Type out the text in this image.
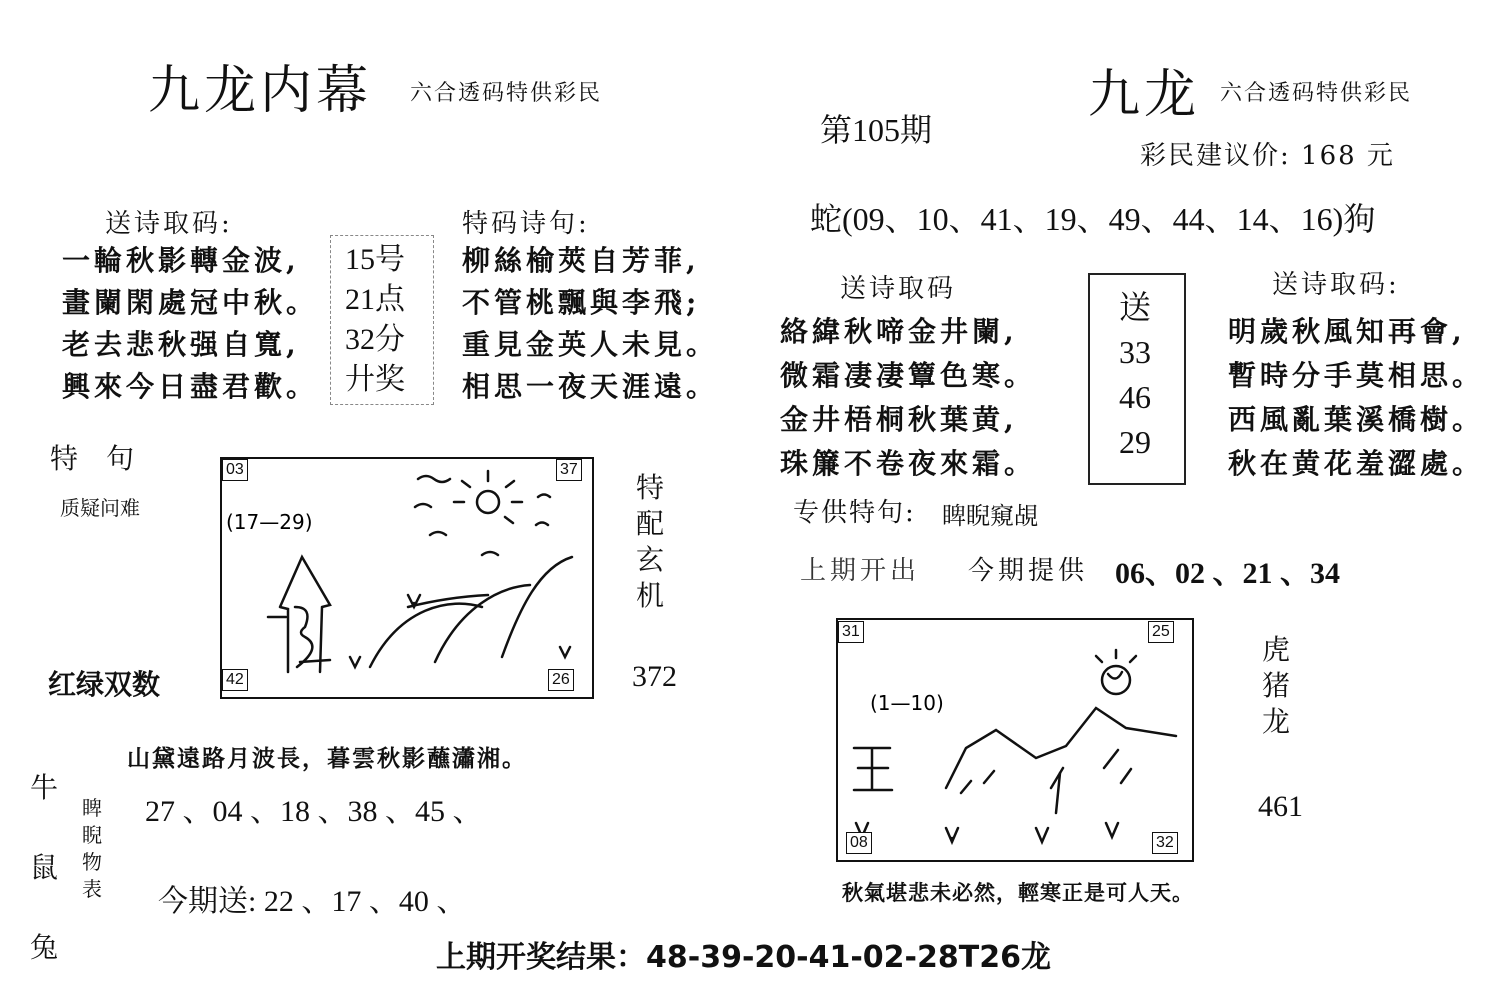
九龙内幕 六合透码特供彩民
送诗取码:
一輪秋影轉金波,
畫闌閑處冠中秋。
老去悲秋强自寬,
興來今日盡君歡。
15号
21点
32分
廾奖
特码诗句:
柳絲榆莢自芳菲,
不管桃飄與李飛;
重見金英人未見。
相思一夜天涯遠。
特　句
质疑问难
(17—29)
03	37
42	26
特
配
玄
机
372
红绿双数
牛
鼠
兔
山黛遠路月波長，暮雲秋影蘸瀟湘。
睥
睨
物
表
27 、04 、18 、38 、45 、
今期送: 22 、17 、40 、
九龙 六合透码特供彩民
第105期
彩民建议价: 168 元
蛇(09、10、41、19、49、44、14、16)狗
送诗取码
絡緯秋啼金井闌,
微霜凄凄簟色寒。
金井梧桐秋葉黄,
珠簾不卷夜來霜。
送
33
46
29
送诗取码:
明歲秋風知再會,
暫時分手莫相思。
西風亂葉溪橋樹。
秋在黄花羞澀處。
专供特句: 睥睨窺覘
上期开出 今期提供 06、02 、21 、34
(1—10)
31	25
08	32
虎
猪
龙
461
秋氣堪悲未必然，輕寒正是可人天。
上期开奖结果：48-39-20-41-02-28T26龙
